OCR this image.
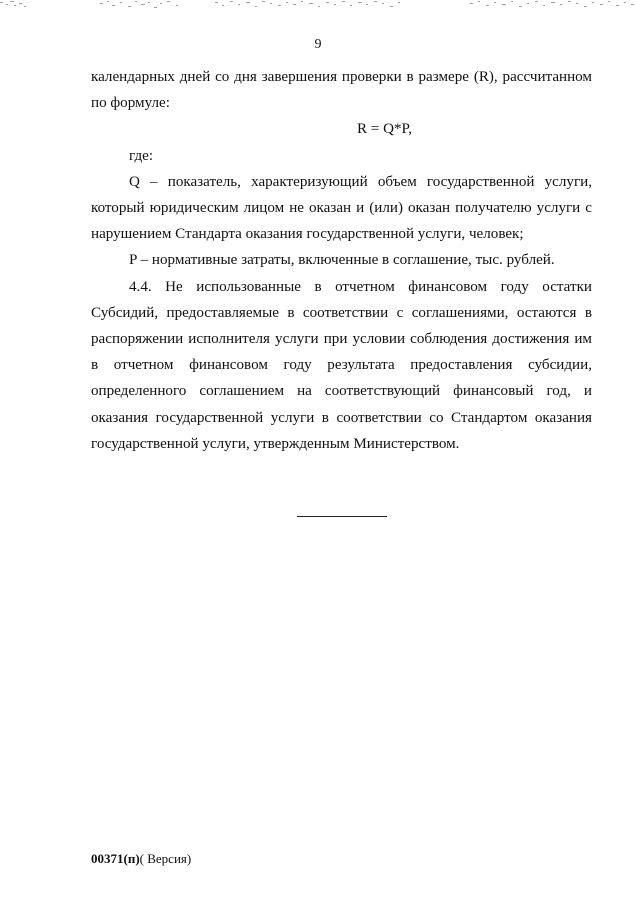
9

календарных дней со дня завершения проверки в размере (R), рассчитанном по формуле:

R = Q*P,

где:

Q – показатель, характеризующий объем государственной услуги, который юридическим лицом не оказан и (или) оказан получателю услуги с нарушением Стандарта оказания государственной услуги, человек;

P – нормативные затраты, включенные в соглашение, тыс. рублей.

4.4. Не использованные в отчетном финансовом году остатки Субсидий, предоставляемые в соответствии с соглашениями, остаются в распоряжении исполнителя услуги при условии соблюдения достижения им в отчетном финансовом году результата предоставления субсидии, определенного соглашением на соответствующий финансовый год, и оказания государственной услуги в соответствии со Стандартом оказания

государственной услуги, утвержденным Министерством.

00371(п)( Версия)
